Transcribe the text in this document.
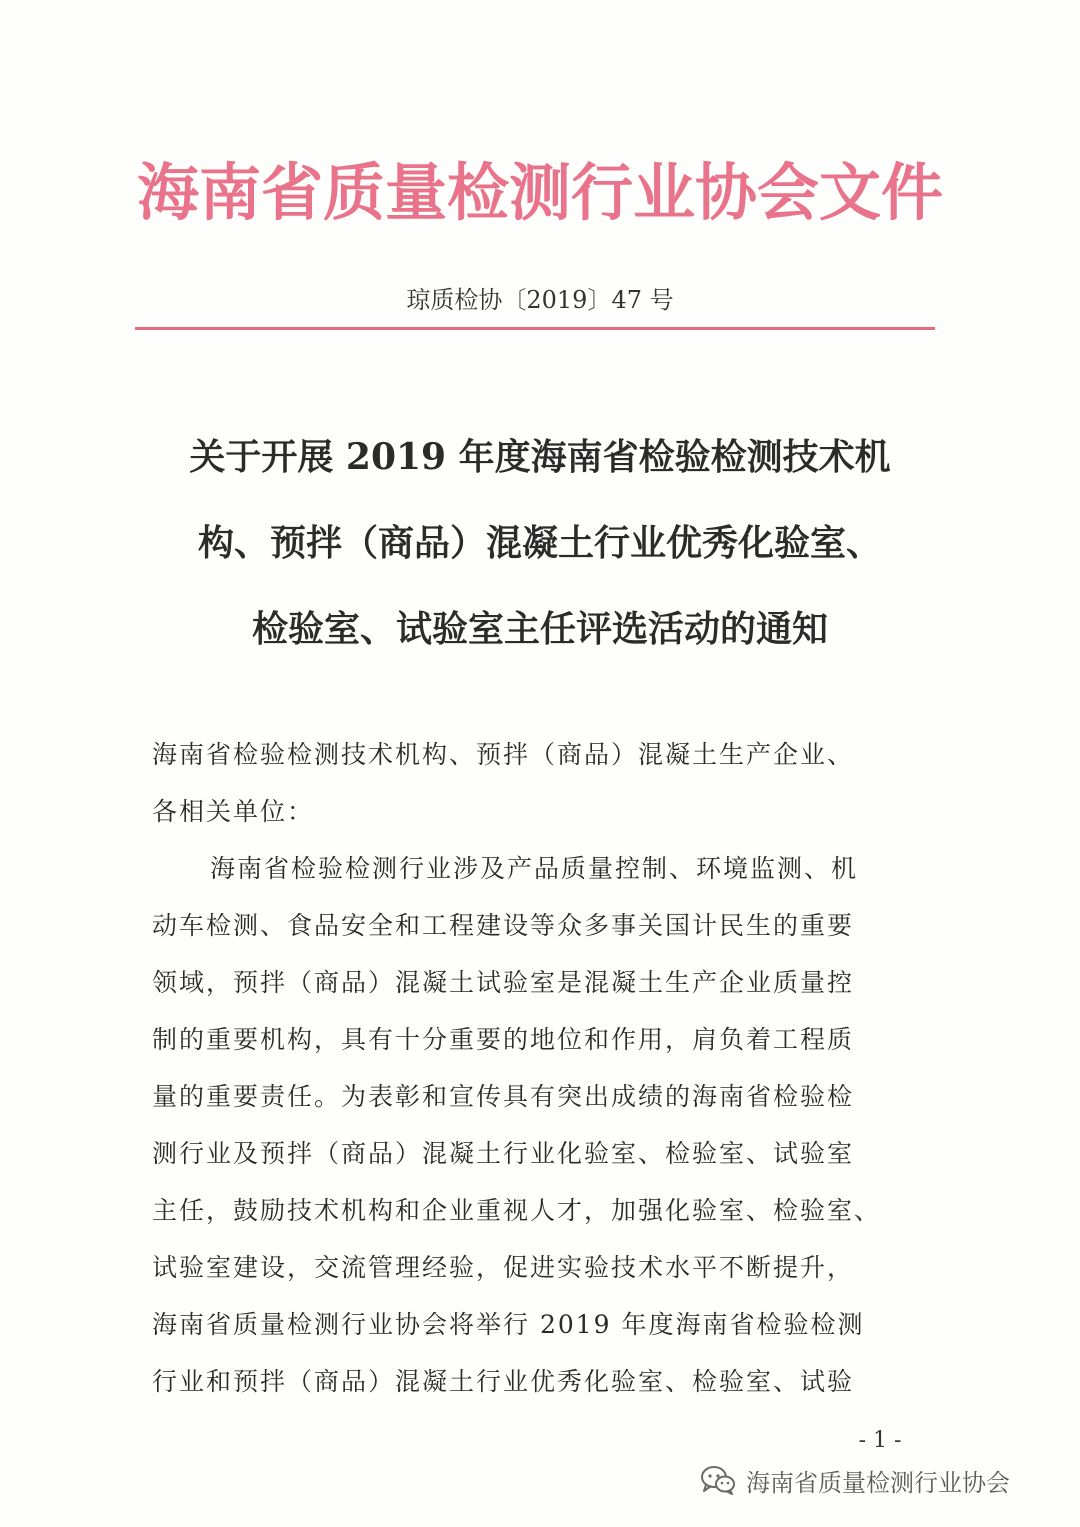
海南省质量检测行业协会文件
琼质检协〔2019〕47 号
关于开展 2019 年度海南省检验检测技术机
构、预拌（商品）混凝土行业优秀化验室、
检验室、试验室主任评选活动的通知
海南省检验检测技术机构、预拌（商品）混凝土生产企业、
各相关单位：
海南省检验检测行业涉及产品质量控制、环境监测、机
动车检测、食品安全和工程建设等众多事关国计民生的重要
领域，预拌（商品）混凝土试验室是混凝土生产企业质量控
制的重要机构，具有十分重要的地位和作用，肩负着工程质
量的重要责任。为表彰和宣传具有突出成绩的海南省检验检
测行业及预拌（商品）混凝土行业化验室、检验室、试验室
主任，鼓励技术机构和企业重视人才，加强化验室、检验室、
试验室建设，交流管理经验，促进实验技术水平不断提升，
海南省质量检测行业协会将举行 2019 年度海南省检验检测
行业和预拌（商品）混凝土行业优秀化验室、检验室、试验
- 1 -
海南省质量检测行业协会
